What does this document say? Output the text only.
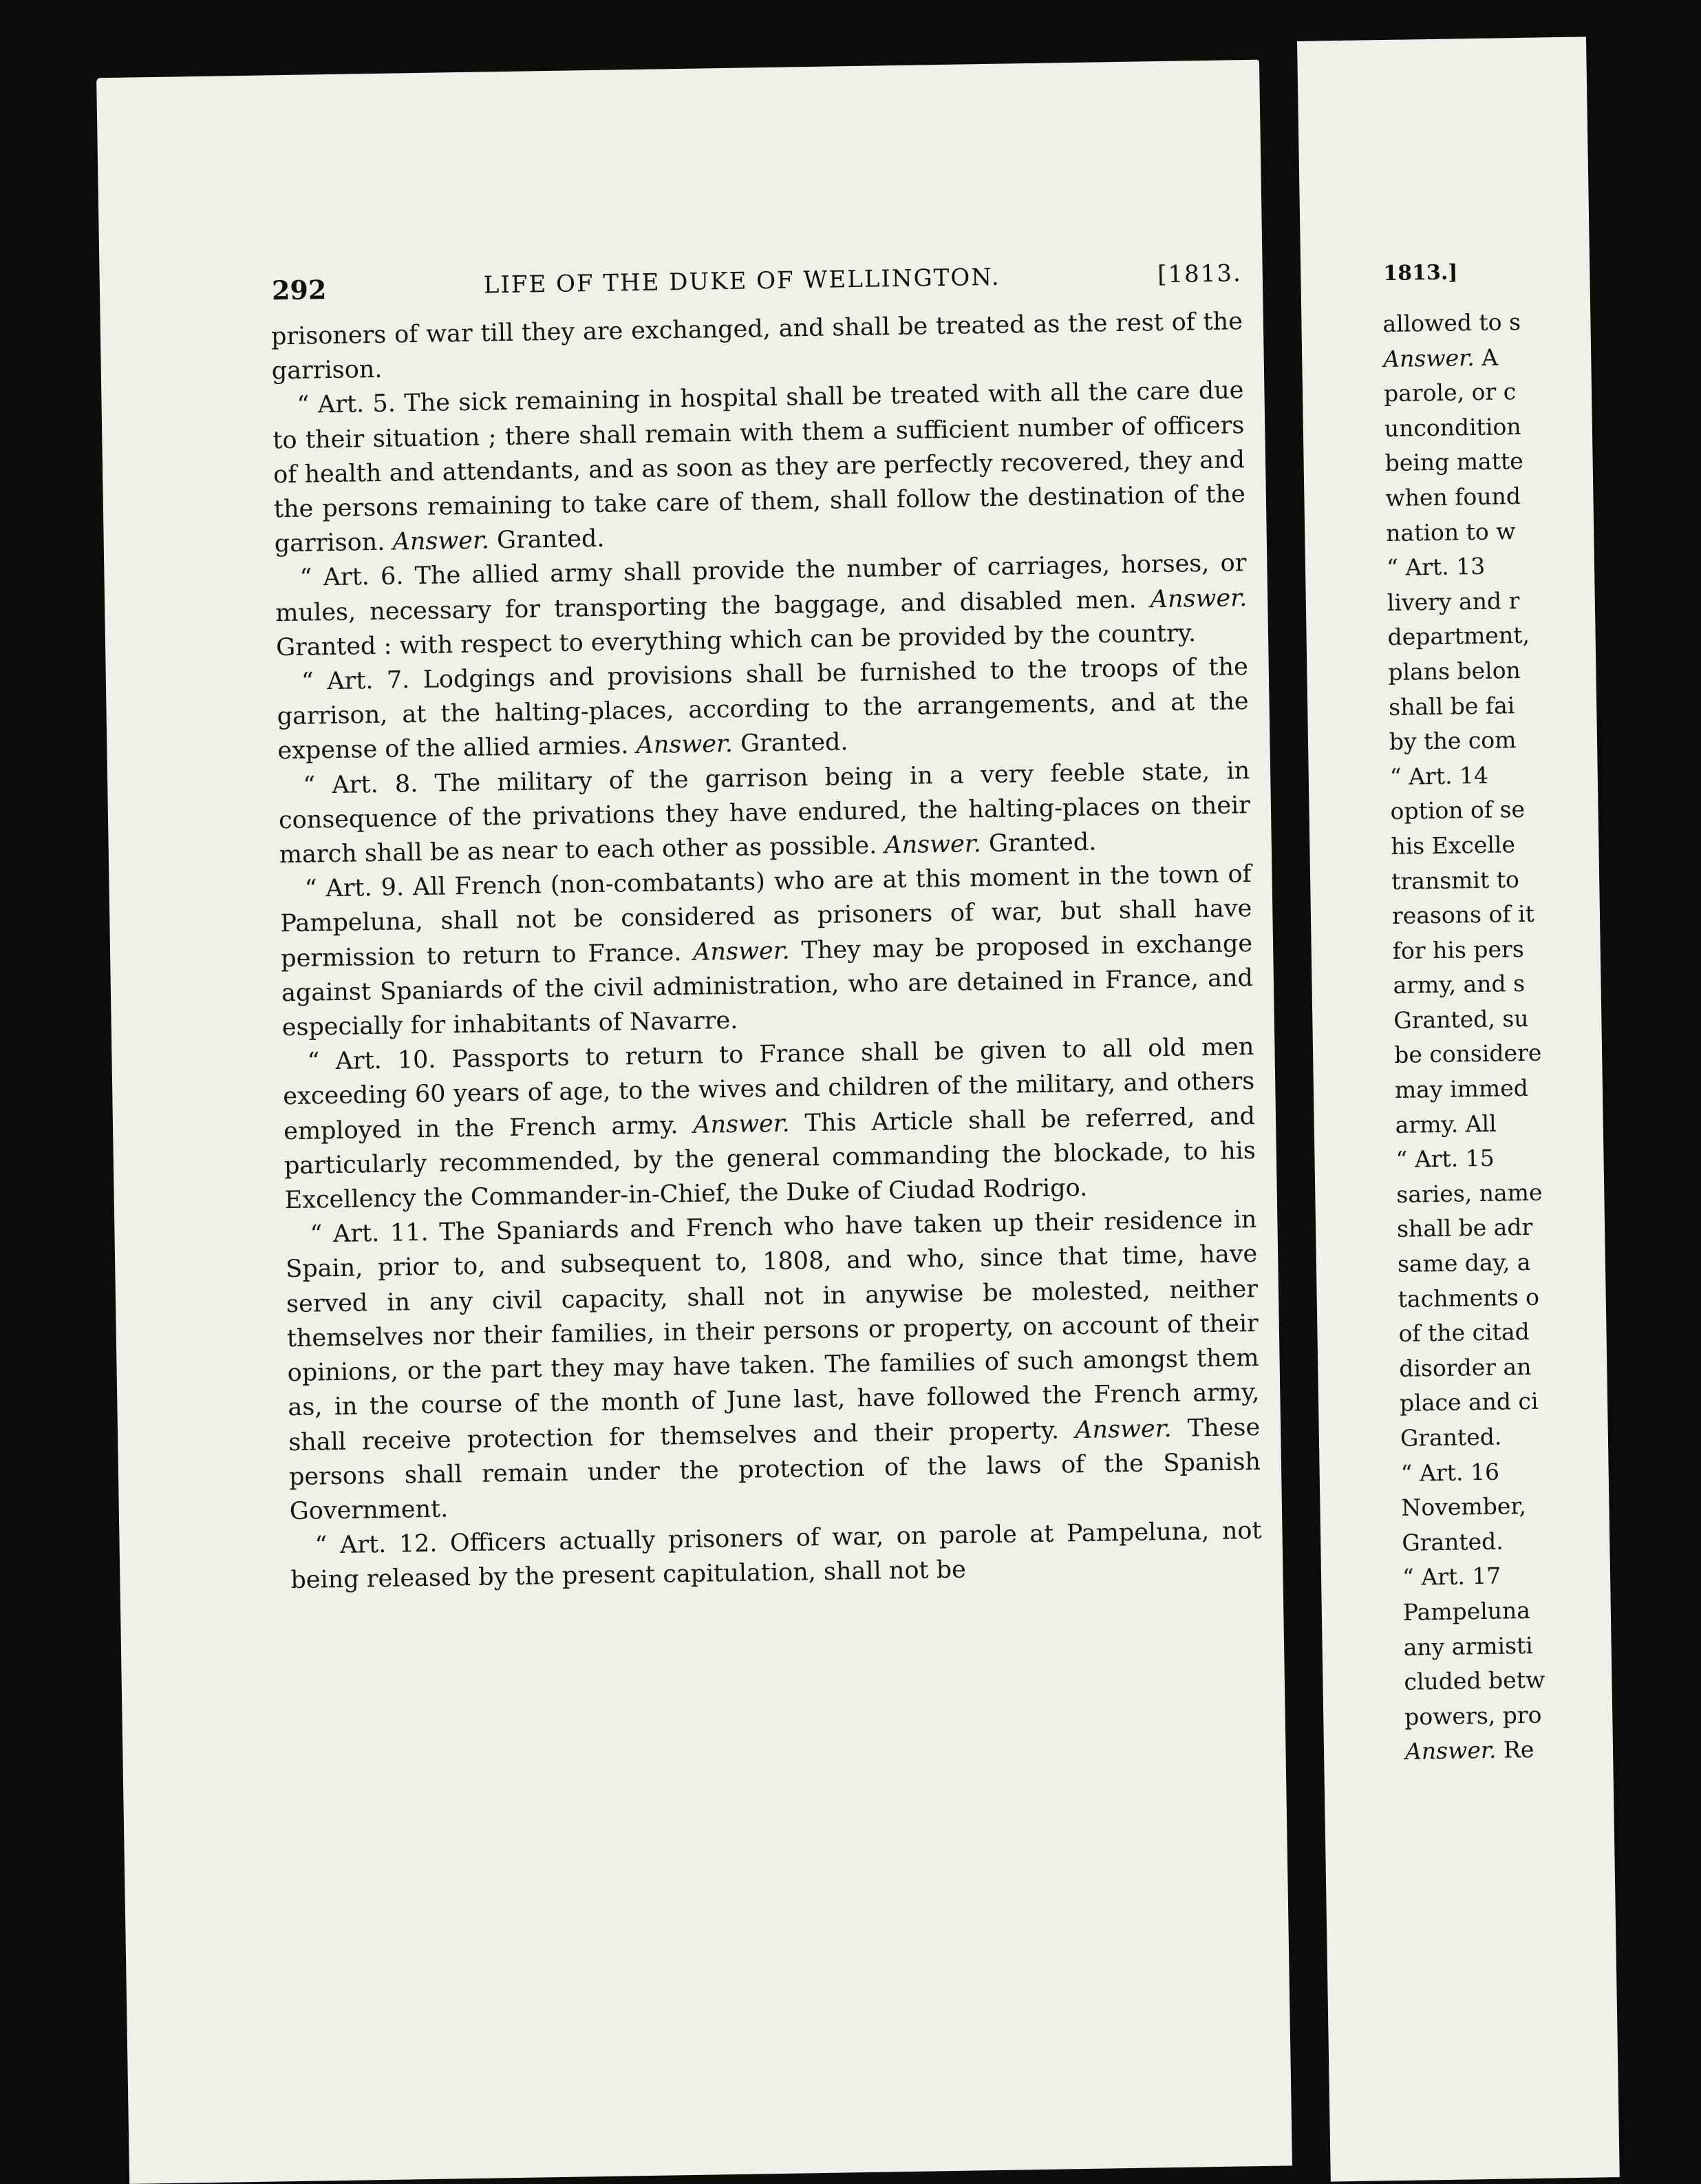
292	LIFE OF THE DUKE OF WELLINGTON.	[1813.

prisoners of war till they are exchanged, and shall be treated as the rest of the garrison.

“ Art. 5. The sick remaining in hospital shall be treated with all the care due to their situation ; there shall remain with them a sufficient number of officers of health and attendants, and as soon as they are perfectly recovered, they and the persons remaining to take care of them, shall follow the destination of the garrison. Answer. Granted.

“ Art. 6. The allied army shall provide the number of carriages, horses, or mules, necessary for transporting the baggage, and disabled men. Answer. Granted : with respect to everything which can be provided by the country.

“ Art. 7. Lodgings and provisions shall be furnished to the troops of the garrison, at the halting-places, according to the arrangements, and at the expense of the allied armies. Answer. Granted.

“ Art. 8. The military of the garrison being in a very feeble state, in consequence of the privations they have endured, the halting-places on their march shall be as near to each other as possible. Answer. Granted.

“ Art. 9. All French (non-combatants) who are at this moment in the town of Pampeluna, shall not be considered as prisoners of war, but shall have permission to return to France. Answer. They may be proposed in exchange against Spaniards of the civil administration, who are detained in France, and especially for inhabitants of Navarre.

“ Art. 10. Passports to return to France shall be given to all old men exceeding 60 years of age, to the wives and children of the military, and others employed in the French army. Answer. This Article shall be referred, and particularly recommended, by the general commanding the blockade, to his Excellency the Commander-in-Chief, the Duke of Ciudad Rodrigo.

“ Art. 11. The Spaniards and French who have taken up their residence in Spain, prior to, and subsequent to, 1808, and who, since that time, have served in any civil capacity, shall not in anywise be molested, neither themselves nor their families, in their persons or property, on account of their opinions, or the part they may have taken. The families of such amongst them as, in the course of the month of June last, have followed the French army, shall receive protection for themselves and their property. Answer. These persons shall remain under the protection of the laws of the Spanish Government.

“ Art. 12. Officers actually prisoners of war, on parole at Pampeluna, not being released by the present capitulation, shall not be

1813.]
allowed to s
Answer. A
parole, or c
uncondition
being matte
when found
nation to w
“ Art. 13
livery and r
department,
plans belon
shall be fai
by the com
“ Art. 14
option of se
his Excelle
transmit to
reasons of it
for his pers
army, and s
Granted, su
be considere
may immed
army. All
“ Art. 15
saries, name
shall be adr
same day, a
tachments o
of the citad
disorder an
place and ci
Granted.
“ Art. 16
November,
Granted.
“ Art. 17
Pampeluna
any armisti
cluded betw
powers, pro
Answer. Re
